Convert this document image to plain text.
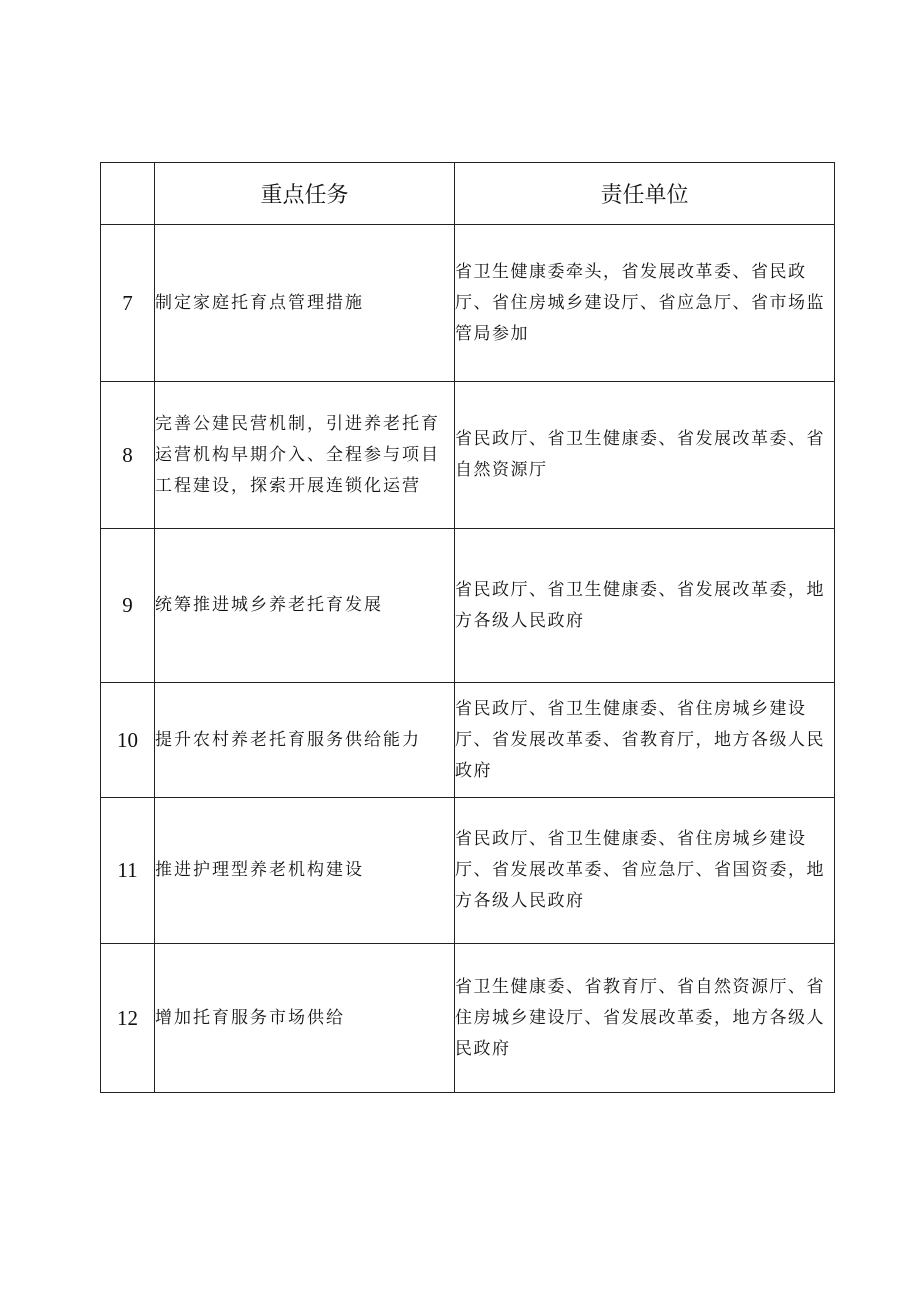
	重点任务	责任单位
7	制定家庭托育点管理措施	省卫生健康委牵头，省发展改革委、省民政厅、省住房城乡建设厅、省应急厅、省市场监管局参加
8	完善公建民营机制，引进养老托育运营机构早期介入、全程参与项目工程建设，探索开展连锁化运营	省民政厅、省卫生健康委、省发展改革委、省自然资源厅
9	统筹推进城乡养老托育发展	省民政厅、省卫生健康委、省发展改革委，地方各级人民政府
10	提升农村养老托育服务供给能力	省民政厅、省卫生健康委、省住房城乡建设厅、省发展改革委、省教育厅，地方各级人民政府
11	推进护理型养老机构建设	省民政厅、省卫生健康委、省住房城乡建设厅、省发展改革委、省应急厅、省国资委，地方各级人民政府
12	增加托育服务市场供给	省卫生健康委、省教育厅、省自然资源厅、省住房城乡建设厅、省发展改革委，地方各级人民政府
